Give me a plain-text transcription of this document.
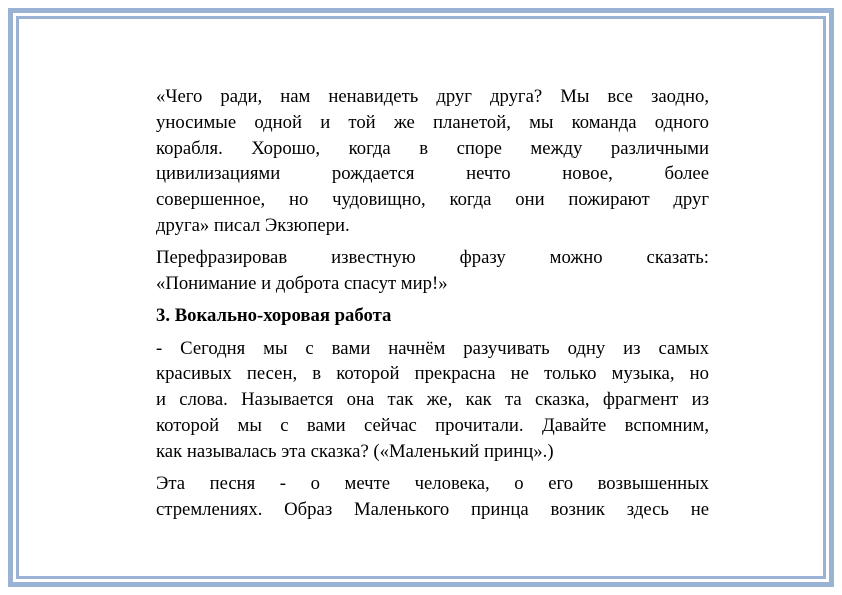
«Чего ради, нам ненавидеть друг друга? Мы все заодно,
уносимые одной и той же планетой, мы команда одного
корабля. Хорошо, когда в споре между различными
цивилизациями рождается нечто новое, более
совершенное, но чудовищно, когда они пожирают друг
друга» писал Экзюпери.

Перефразировав известную фразу можно сказать:
«Понимание и доброта спасут мир!»

3. Вокально-хоровая работа

- Сегодня мы с вами начнём разучивать одну из самых
красивых песен, в которой прекрасна не только музыка, но
и слова. Называется она так же, как та сказка, фрагмент из
которой мы с вами сейчас прочитали. Давайте вспомним,
как называлась эта сказка? («Маленький принц».)

Эта песня - о мечте человека, о его возвышенных
стремлениях. Образ Маленького принца возник здесь не
